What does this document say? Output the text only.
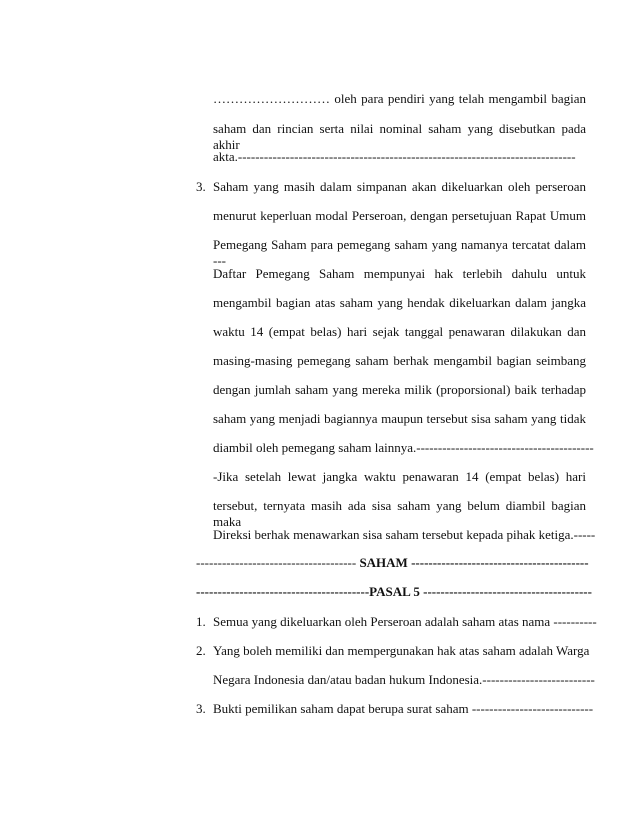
……………………… oleh para pendiri yang telah mengambil bagian
saham dan rincian serta nilai nominal saham yang disebutkan pada akhir
akta.------------------------------------------------------------------------------
3. Saham yang masih dalam simpanan akan dikeluarkan oleh perseroan
menurut keperluan modal Perseroan, dengan persetujuan Rapat Umum
Pemegang Saham para pemegang saham yang namanya tercatat dalam ---
Daftar Pemegang Saham mempunyai hak terlebih dahulu untuk
mengambil bagian atas saham yang hendak dikeluarkan dalam jangka
waktu 14 (empat belas) hari sejak tanggal penawaran dilakukan dan
masing-masing pemegang saham berhak mengambil bagian seimbang
dengan jumlah saham yang mereka milik (proporsional) baik terhadap
saham yang menjadi bagiannya maupun tersebut sisa saham yang tidak
diambil oleh pemegang saham lainnya.-----------------------------------------
-Jika setelah lewat jangka waktu penawaran 14 (empat belas) hari
tersebut, ternyata masih ada sisa saham yang belum diambil bagian maka
Direksi berhak menawarkan sisa saham tersebut kepada pihak ketiga.-----
------------------------------------- SAHAM -----------------------------------------
----------------------------------------PASAL 5 ---------------------------------------
1. Semua yang dikeluarkan oleh Perseroan adalah saham atas nama ----------
2. Yang boleh memiliki dan mempergunakan hak atas saham adalah Warga
Negara Indonesia dan/atau badan hukum Indonesia.--------------------------
3. Bukti pemilikan saham dapat berupa surat saham ----------------------------
